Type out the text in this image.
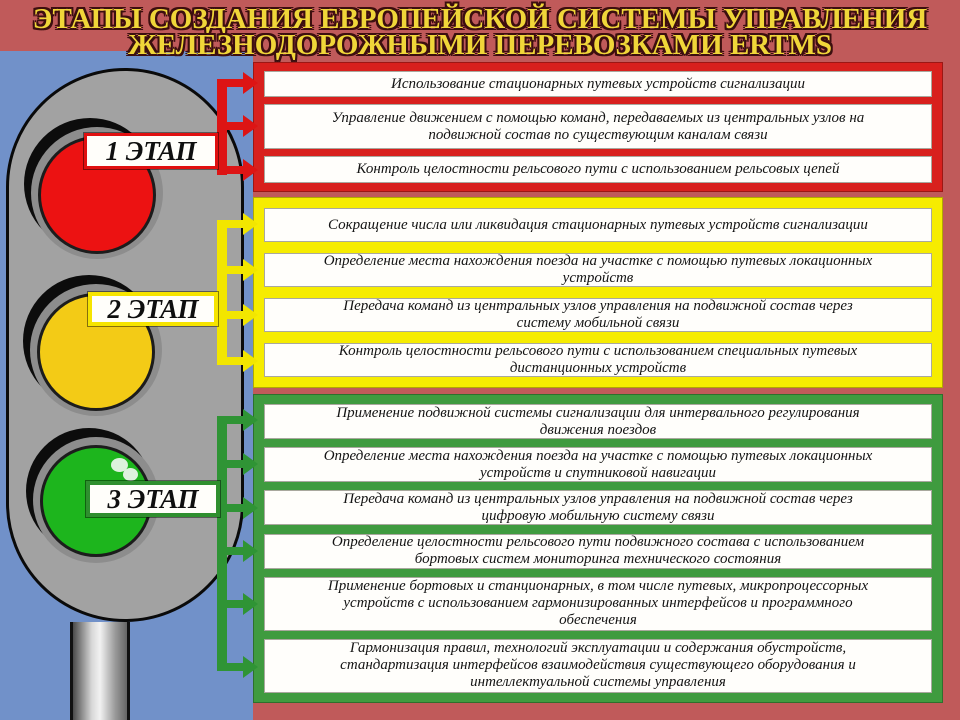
ЭТАПЫ СОЗДАНИЯ ЕВРОПЕЙСКОЙ СИСТЕМЫ УПРАВЛЕНИЯ
ЖЕЛЕЗНОДОРОЖНЫМИ ПЕРЕВОЗКАМИ ERTMS
1 ЭТАП
2 ЭТАП
3 ЭТАП
Использование стационарных путевых устройств сигнализации
Управление движением с помощью команд, передаваемых из центральных узлов на подвижной состав по существующим каналам связи
Контроль целостности рельсового пути с использованием рельсовых цепей
Сокращение числа или ликвидация стационарных путевых устройств сигнализации
Определение места нахождения поезда на участке с помощью путевых локационных устройств
Передача команд из центральных узлов управления на подвижной состав через систему мобильной связи
Контроль целостности рельсового пути с использованием специальных путевых дистанционных устройств
Применение подвижной системы сигнализации для интервального регулирования движения поездов
Определение места нахождения поезда на участке с помощью путевых локационных устройств и спутниковой навигации
Передача команд из центральных узлов управления на подвижной состав через цифровую мобильную систему связи
Определение целостности рельсового пути подвижного состава с использованием бортовых систем мониторинга технического состояния
Применение бортовых и станционарных, в том числе путевых, микропроцессорных устройств с использованием гармонизированных интерфейсов и программного обеспечения
Гармонизация правил, технологий эксплуатации и содержания обустройств, стандартизация интерфейсов взаимодействия существующего оборудования и интеллектуальной системы управления
